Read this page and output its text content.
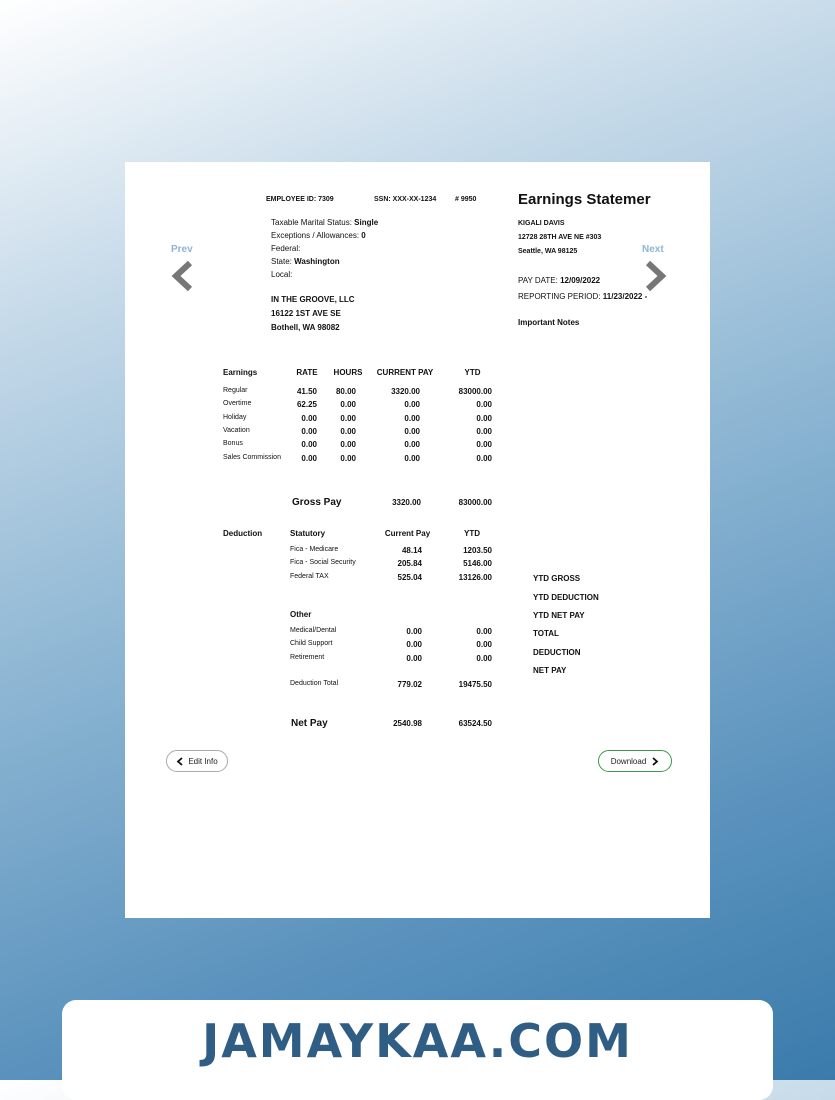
Prev	Next
EMPLOYEE ID: 7309	SSN: XXX-XX-1234	# 9950	Earnings Statemer
Taxable Marital Status: Single
Exceptions / Allowances: 0
Federal:
State: Washington
Local:
IN THE GROOVE, LLC
16122 1ST AVE SE
Bothell, WA 98082
KIGALI DAVIS
12728 28TH AVE NE #303
Seattle, WA 98125
PAY DATE: 12/09/2022
REPORTING PERIOD: 11/23/2022 -
Important Notes
Earnings	RATE	HOURS	CURRENT PAY	YTD
Regular	41.50	80.00	3320.00	83000.00
Overtime	62.25	0.00	0.00	0.00
Holiday	0.00	0.00	0.00	0.00
Vacation	0.00	0.00	0.00	0.00
Bonus	0.00	0.00	0.00	0.00
Sales Commission	0.00	0.00	0.00	0.00
Gross Pay	3320.00	83000.00
Deduction	Statutory	Current Pay	YTD
Fica - Medicare	48.14	1203.50
Fica - Social Security	205.84	5146.00
Federal TAX	525.04	13126.00
Other
Medical/Dental	0.00	0.00
Child Support	0.00	0.00
Retirement	0.00	0.00
Deduction Total	779.02	19475.50
Net Pay	2540.98	63524.50
YTD GROSS
YTD DEDUCTION
YTD NET PAY
TOTAL
DEDUCTION
NET PAY
Edit Info	Download
JAMAYKAA.COM
